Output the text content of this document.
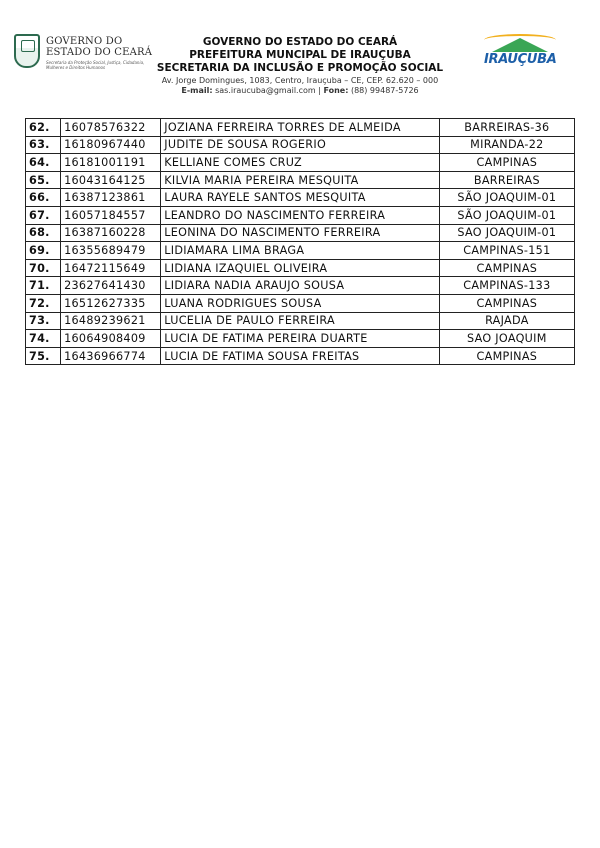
GOVERNO DO
ESTADO DO CEARÁ
Secretaria da Proteção Social, Justiça, Cidadania, Mulheres e Direitos Humanos
GOVERNO DO ESTADO DO CEARÁ
PREFEITURA MUNCIPAL DE IRAUÇUBA
SECRETARIA DA INCLUSÃO E PROMOÇÃO SOCIAL
Av. Jorge Domingues, 1083, Centro, Irauçuba – CE, CEP. 62.620 – 000
E-mail: sas.iraucuba@gmail.com | Fone: (88) 99487-5726
IRAUÇUBA
62.	16078576322	JOZIANA FERREIRA TORRES DE ALMEIDA	BARREIRAS-36
63.	16180967440	JUDITE DE SOUSA ROGERIO	MIRANDA-22
64.	16181001191	KELLIANE COMES CRUZ	CAMPINAS
65.	16043164125	KILVIA MARIA PEREIRA MESQUITA	BARREIRAS
66.	16387123861	LAURA RAYELE SANTOS MESQUITA	SÃO JOAQUIM-01
67.	16057184557	LEANDRO DO NASCIMENTO FERREIRA	SÃO JOAQUIM-01
68.	16387160228	LEONINA DO NASCIMENTO FERREIRA	SAO JOAQUIM-01
69.	16355689479	LIDIAMARA LIMA BRAGA	CAMPINAS-151
70.	16472115649	LIDIANA IZAQUIEL OLIVEIRA	CAMPINAS
71.	23627641430	LIDIARA NADIA ARAUJO SOUSA	CAMPINAS-133
72.	16512627335	LUANA RODRIGUES SOUSA	CAMPINAS
73.	16489239621	LUCELIA DE PAULO FERREIRA	RAJADA
74.	16064908409	LUCIA DE FATIMA PEREIRA DUARTE	SAO JOAQUIM
75.	16436966774	LUCIA DE FATIMA SOUSA FREITAS	CAMPINAS
